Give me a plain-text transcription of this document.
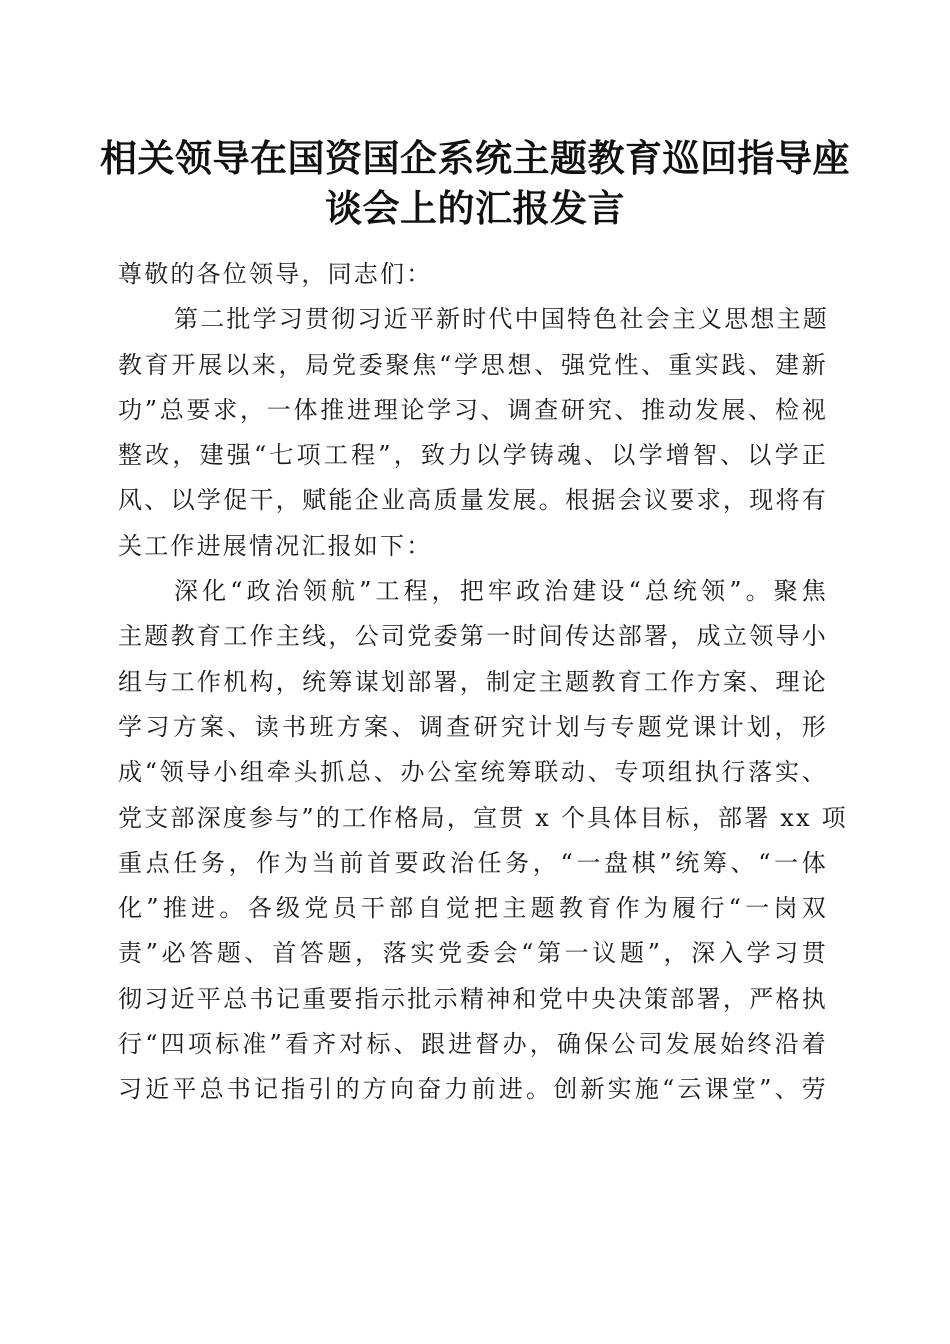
相关领导在国资国企系统主题教育巡回指导座
谈会上的汇报发言
尊敬的各位领导，同志们：
第二批学习贯彻习近平新时代中国特色社会主义思想主题
教育开展以来，局党委聚焦“学思想、强党性、重实践、建新
功”总要求，一体推进理论学习、调查研究、推动发展、检视
整改，建强“七项工程”，致力以学铸魂、以学增智、以学正
风、以学促干，赋能企业高质量发展。根据会议要求，现将有
关工作进展情况汇报如下：
深化“政治领航”工程，把牢政治建设“总统领”。聚焦
主题教育工作主线，公司党委第一时间传达部署，成立领导小
组与工作机构，统筹谋划部署，制定主题教育工作方案、理论
学习方案、读书班方案、调查研究计划与专题党课计划，形
成“领导小组牵头抓总、办公室统筹联动、专项组执行落实、
党支部深度参与”的工作格局，宣贯 x 个具体目标，部署 xx 项
重点任务，作为当前首要政治任务，“一盘棋”统筹、“一体
化”推进。各级党员干部自觉把主题教育作为履行“一岗双
责”必答题、首答题，落实党委会“第一议题”，深入学习贯
彻习近平总书记重要指示批示精神和党中央决策部署，严格执
行“四项标准”看齐对标、跟进督办，确保公司发展始终沿着
习近平总书记指引的方向奋力前进。创新实施“云课堂”、劳
